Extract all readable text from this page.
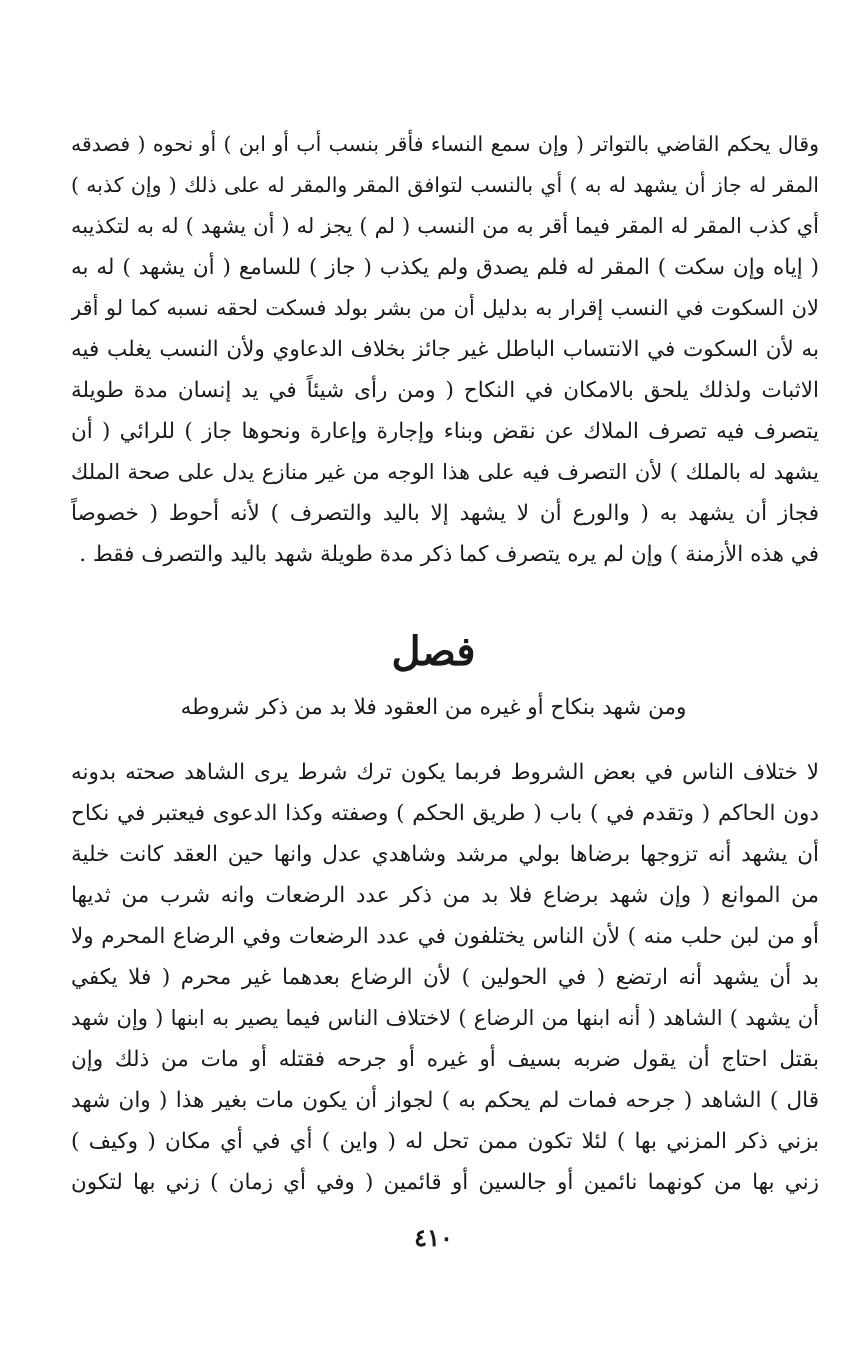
وقال يحكم القاضي بالتواتر ( وإن سمع النساء فأقر بنسب أب أو ابن ) أو نحوه ( فصدقه
المقر له جاز أن يشهد له به ) أي بالنسب لتوافق المقر والمقر له على ذلك ( وإن كذبه )
أي كذب المقر له المقر فيما أقر به من النسب ( لم ) يجز له ( أن يشهد ) له به لتكذيبه
( إياه وإن سكت ) المقر له فلم يصدق ولم يكذب ( جاز ) للسامع ( أن يشهد ) له به
لان السكوت في النسب إقرار به بدليل أن من بشر بولد فسكت لحقه نسبه كما لو أقر
به لأن السكوت في الانتساب الباطل غير جائز بخلاف الدعاوي ولأن النسب يغلب فيه
الاثبات ولذلك يلحق بالامكان في النكاح ( ومن رأى شيئاً في يد إنسان مدة طويلة
يتصرف فيه تصرف الملاك عن نقض وبناء وإجارة وإعارة ونحوها جاز ) للرائي ( أن
يشهد له بالملك ) لأن التصرف فيه على هذا الوجه من غير منازع يدل على صحة الملك
فجاز أن يشهد به ( والورع أن لا يشهد إلا باليد والتصرف ) لأنه أحوط ( خصوصاً
في هذه الأزمنة ) وإن لم يره يتصرف كما ذكر مدة طويلة شهد باليد والتصرف فقط .
فصل
ومن شهد بنكاح أو غيره من العقود فلا بد من ذكر شروطه
لا ختلاف الناس في بعض الشروط فربما يكون ترك شرط يرى الشاهد صحته بدونه
دون الحاكم ( وتقدم في ) باب ( طريق الحكم ) وصفته وكذا الدعوى فيعتبر في نكاح
أن يشهد أنه تزوجها برضاها بولي مرشد وشاهدي عدل وانها حين العقد كانت خلية
من الموانع ( وإن شهد برضاع فلا بد من ذكر عدد الرضعات وانه شرب من ثديها
أو من لبن حلب منه ) لأن الناس يختلفون في عدد الرضعات وفي الرضاع المحرم ولا
بد أن يشهد أنه ارتضع ( في الحولين ) لأن الرضاع بعدهما غير محرم ( فلا يكفي
أن يشهد ) الشاهد ( أنه ابنها من الرضاع ) لاختلاف الناس فيما يصير به ابنها ( وإن شهد
بقتل احتاج أن يقول ضربه بسيف أو غيره أو جرحه فقتله أو مات من ذلك وإن
قال ) الشاهد ( جرحه فمات لم يحكم به ) لجواز أن يكون مات بغير هذا ( وان شهد
بزني ذكر المزني بها ) لئلا تكون ممن تحل له ( واين ) أي في أي مكان ( وكيف )
زني بها من كونهما نائمين أو جالسين أو قائمين ( وفي أي زمان ) زني بها لتكون
٤١٠
